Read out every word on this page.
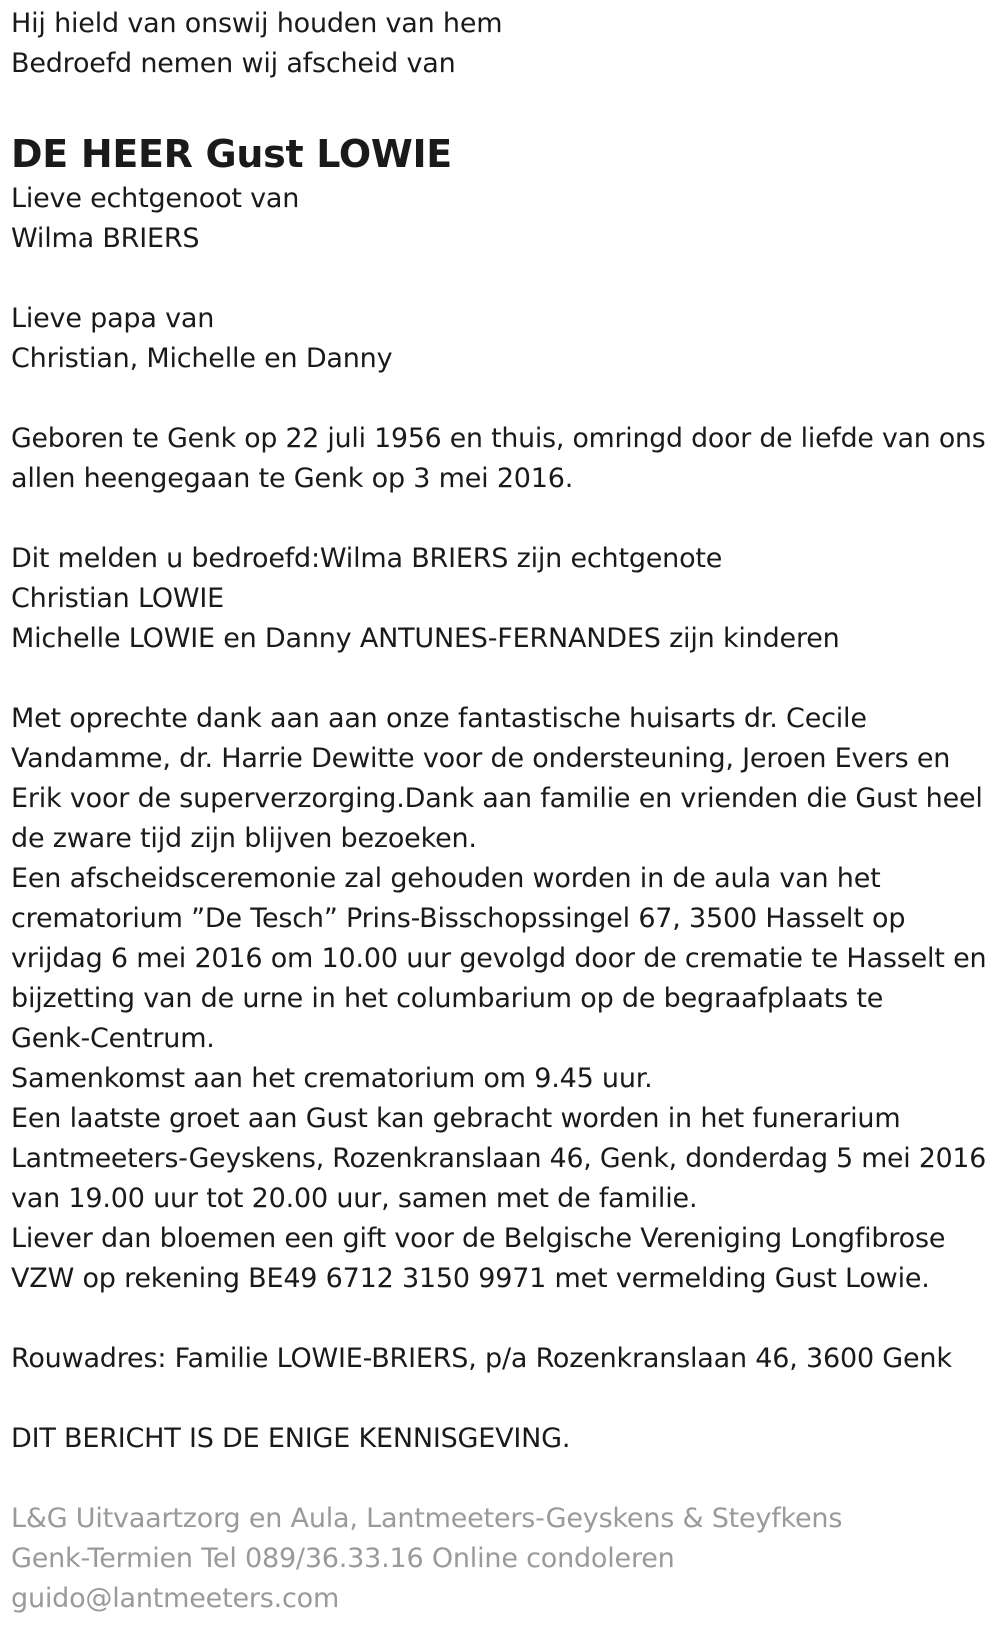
Hij hield van onswij houden van hem
Bedroefd nemen wij afscheid van
DE HEER Gust LOWIE
Lieve echtgenoot van
Wilma BRIERS
Lieve papa van
Christian, Michelle en Danny
Geboren te Genk op 22 juli 1956 en thuis, omringd door de liefde van ons
allen heengegaan te Genk op 3 mei 2016.
Dit melden u bedroefd:Wilma BRIERS zijn echtgenote
Christian LOWIE
Michelle LOWIE en Danny ANTUNES-FERNANDES zijn kinderen
Met oprechte dank aan aan onze fantastische huisarts dr. Cecile
Vandamme, dr. Harrie Dewitte voor de ondersteuning, Jeroen Evers en
Erik voor de superverzorging.Dank aan familie en vrienden die Gust heel
de zware tijd zijn blijven bezoeken.
Een afscheidsceremonie zal gehouden worden in de aula van het
crematorium ”De Tesch” Prins-Bisschopssingel 67, 3500 Hasselt op
vrijdag 6 mei 2016 om 10.00 uur gevolgd door de crematie te Hasselt en
bijzetting van de urne in het columbarium op de begraafplaats te
Genk-Centrum.
Samenkomst aan het crematorium om 9.45 uur.
Een laatste groet aan Gust kan gebracht worden in het funerarium
Lantmeeters-Geyskens, Rozenkranslaan 46, Genk, donderdag 5 mei 2016
van 19.00 uur tot 20.00 uur, samen met de familie.
Liever dan bloemen een gift voor de Belgische Vereniging Longfibrose
VZW op rekening BE49 6712 3150 9971 met vermelding Gust Lowie.
Rouwadres: Familie LOWIE-BRIERS, p/a Rozenkranslaan 46, 3600 Genk
DIT BERICHT IS DE ENIGE KENNISGEVING.
L&G Uitvaartzorg en Aula, Lantmeeters-Geyskens & Steyfkens
Genk-Termien Tel 089/36.33.16 Online condoleren
guido@lantmeeters.com
